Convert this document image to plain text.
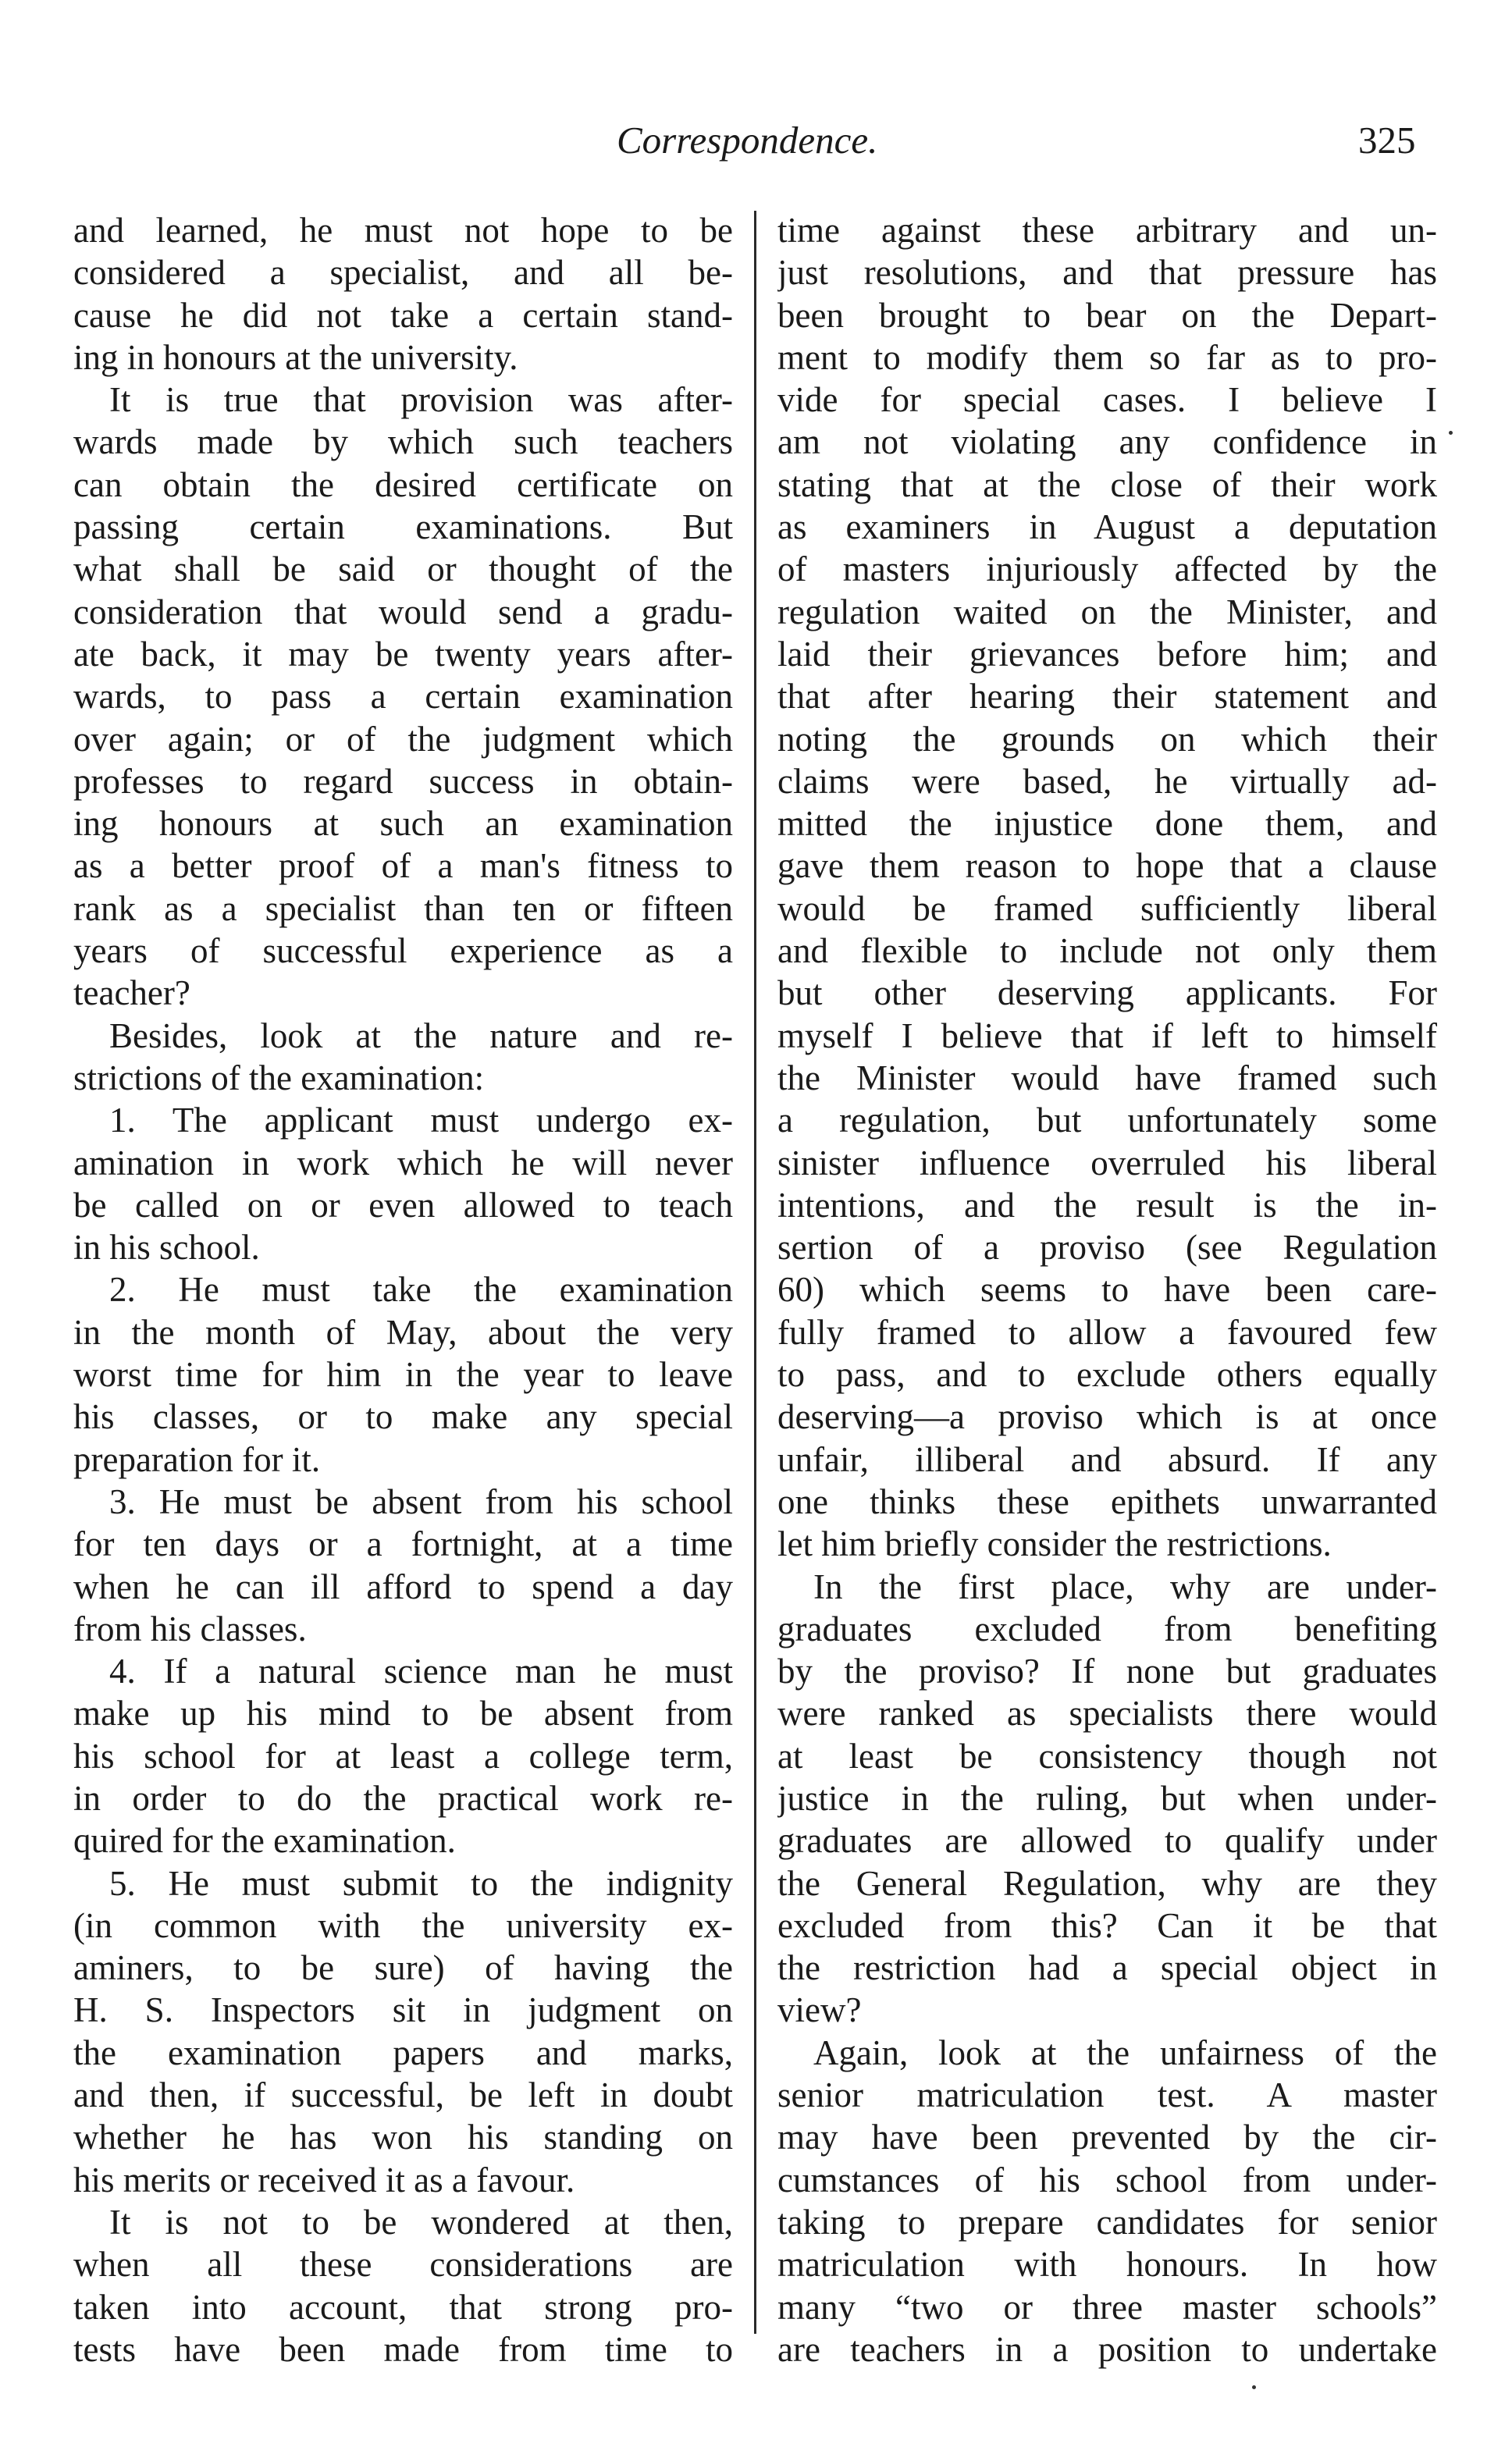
Correspondence.	325
and learned, he must not hope to be
considered a specialist, and all be-
cause he did not take a certain stand-
ing in honours at the university.
It is true that provision was after-
wards made by which such teachers
can obtain the desired certificate on
passing certain examinations. But
what shall be said or thought of the
consideration that would send a gradu-
ate back, it may be twenty years after-
wards, to pass a certain examination
over again; or of the judgment which
professes to regard success in obtain-
ing honours at such an examination
as a better proof of a man's fitness to
rank as a specialist than ten or fifteen
years of successful experience as a
teacher?
Besides, look at the nature and re-
strictions of the examination:
1. The applicant must undergo ex-
amination in work which he will never
be called on or even allowed to teach
in his school.
2. He must take the examination
in the month of May, about the very
worst time for him in the year to leave
his classes, or to make any special
preparation for it.
3. He must be absent from his school
for ten days or a fortnight, at a time
when he can ill afford to spend a day
from his classes.
4. If a natural science man he must
make up his mind to be absent from
his school for at least a college term,
in order to do the practical work re-
quired for the examination.
5. He must submit to the indignity
(in common with the university ex-
aminers, to be sure) of having the
H. S. Inspectors sit in judgment on
the examination papers and marks,
and then, if successful, be left in doubt
whether he has won his standing on
his merits or received it as a favour.
It is not to be wondered at then,
when all these considerations are
taken into account, that strong pro-
tests have been made from time to
time against these arbitrary and un-
just resolutions, and that pressure has
been brought to bear on the Depart-
ment to modify them so far as to pro-
vide for special cases. I believe I
am not violating any confidence in
stating that at the close of their work
as examiners in August a deputation
of masters injuriously affected by the
regulation waited on the Minister, and
laid their grievances before him; and
that after hearing their statement and
noting the grounds on which their
claims were based, he virtually ad-
mitted the injustice done them, and
gave them reason to hope that a clause
would be framed sufficiently liberal
and flexible to include not only them
but other deserving applicants. For
myself I believe that if left to himself
the Minister would have framed such
a regulation, but unfortunately some
sinister influence overruled his liberal
intentions, and the result is the in-
sertion of a proviso (see Regulation
60) which seems to have been care-
fully framed to allow a favoured few
to pass, and to exclude others equally
deserving—a proviso which is at once
unfair, illiberal and absurd. If any
one thinks these epithets unwarranted
let him briefly consider the restrictions.
In the first place, why are under-
graduates excluded from benefiting
by the proviso? If none but graduates
were ranked as specialists there would
at least be consistency though not
justice in the ruling, but when under-
graduates are allowed to qualify under
the General Regulation, why are they
excluded from this? Can it be that
the restriction had a special object in
view?
Again, look at the unfairness of the
senior matriculation test. A master
may have been prevented by the cir-
cumstances of his school from under-
taking to prepare candidates for senior
matriculation with honours. In how
many “two or three master schools”
are teachers in a position to undertake
